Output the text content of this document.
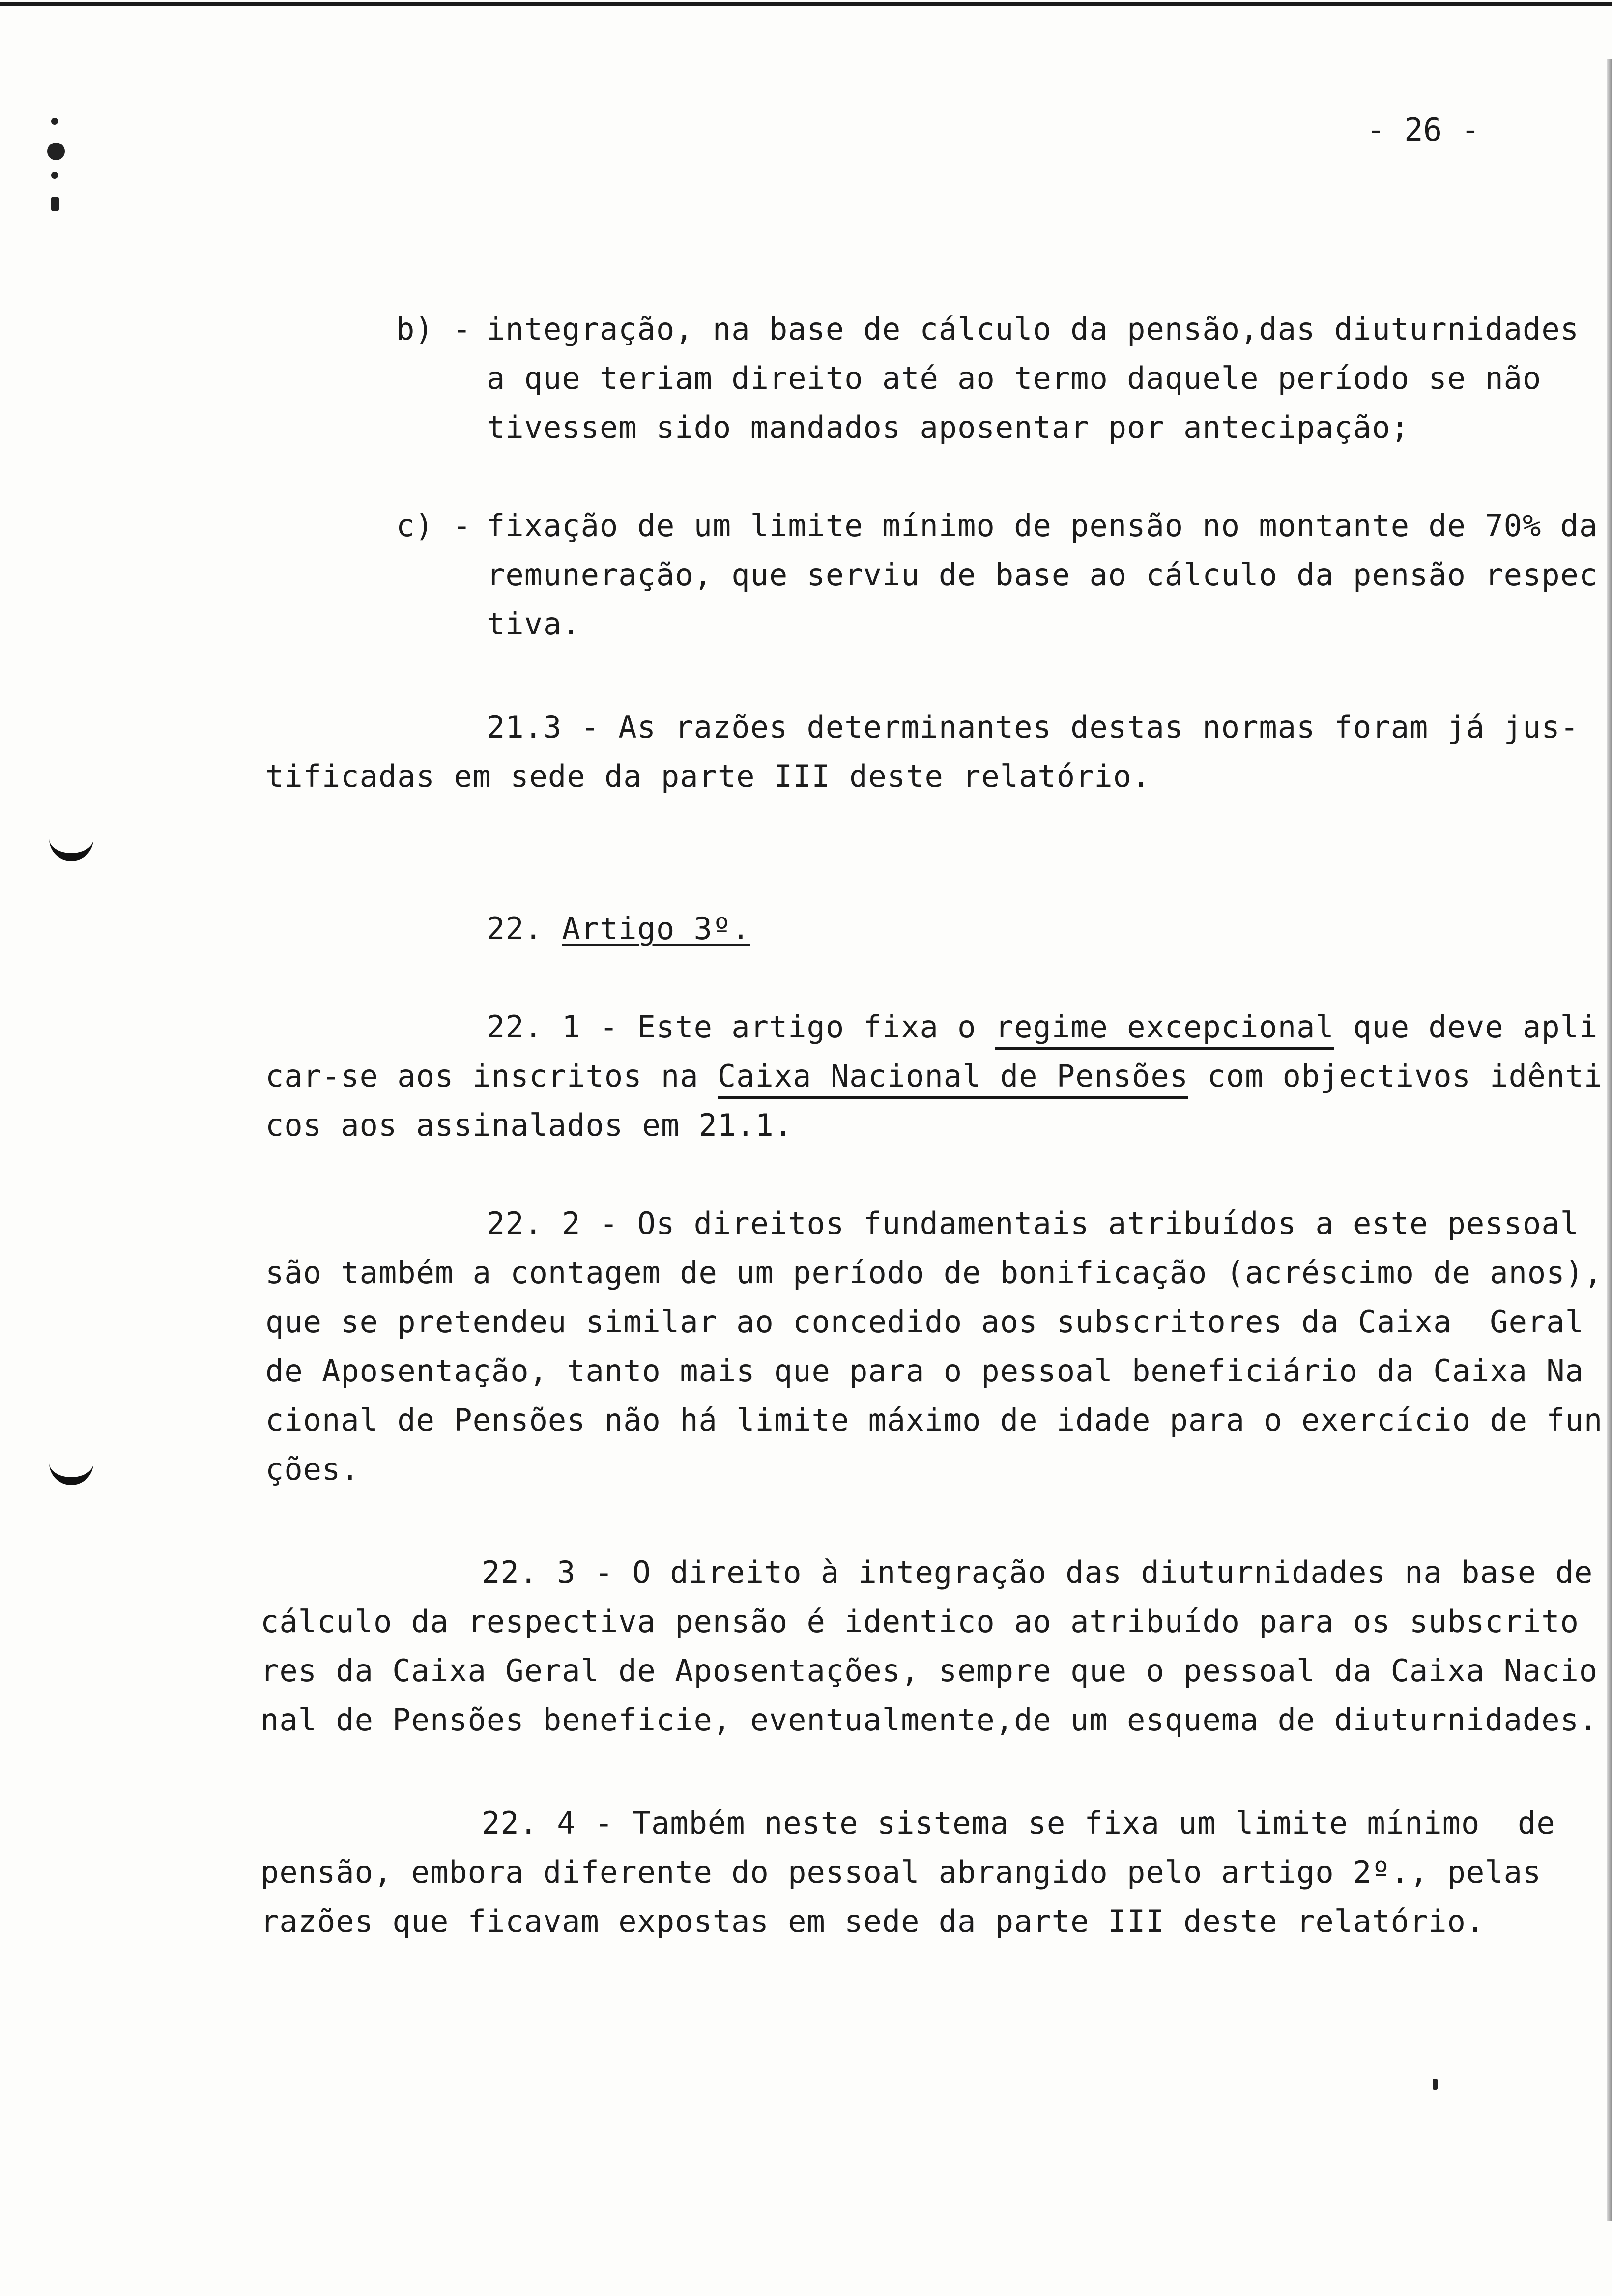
- 26 -
b) - integração, na base de cálculo da pensão,das diuturnidades
a que teriam direito até ao termo daquele período se não
tivessem sido mandados aposentar por antecipação;
c) - fixação de um limite mínimo de pensão no montante de 70% da
remuneração, que serviu de base ao cálculo da pensão respec
tiva.
21.3 - As razões determinantes destas normas foram já jus-
tificadas em sede da parte III deste relatório.
22. Artigo 3º.
22. 1 - Este artigo fixa o regime excepcional que deve apli
car-se aos inscritos na Caixa Nacional de Pensões com objectivos idênti
cos aos assinalados em 21.1.
22. 2 - Os direitos fundamentais atribuídos a este pessoal
são também a contagem de um período de bonificação (acréscimo de anos),
que se pretendeu similar ao concedido aos subscritores da Caixa  Geral
de Aposentação, tanto mais que para o pessoal beneficiário da Caixa Na
cional de Pensões não há limite máximo de idade para o exercício de fun
ções.
22. 3 - O direito à integração das diuturnidades na base de
cálculo da respectiva pensão é identico ao atribuído para os subscrito
res da Caixa Geral de Aposentações, sempre que o pessoal da Caixa Nacio
nal de Pensões beneficie, eventualmente,de um esquema de diuturnidades.
22. 4 - Também neste sistema se fixa um limite mínimo  de
pensão, embora diferente do pessoal abrangido pelo artigo 2º., pelas
razões que ficavam expostas em sede da parte III deste relatório.
